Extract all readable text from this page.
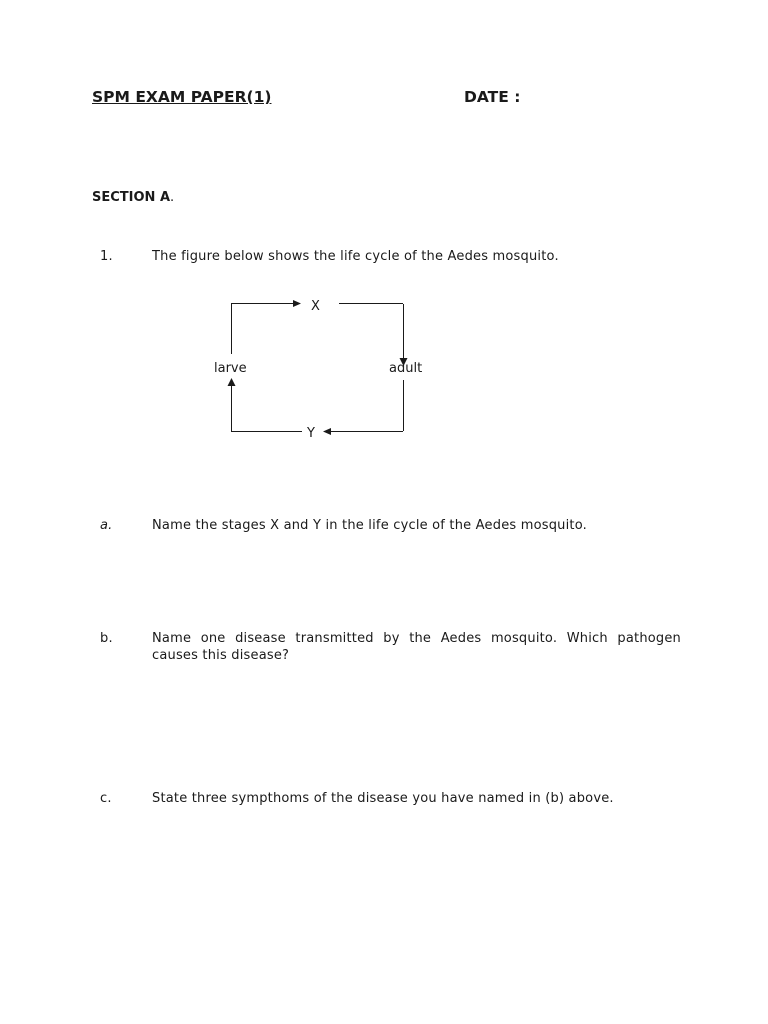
SPM EXAM PAPER(1)	DATE :
SECTION A.
1.	The figure below shows the life cycle of the Aedes mosquito.
X
adult
larve
Y
a.	Name the stages X and Y in the life cycle of the Aedes mosquito.
b.	Name one disease transmitted by the Aedes mosquito. Which pathogen
causes this disease?
c.	State three sympthoms of the disease you have named in (b) above.
